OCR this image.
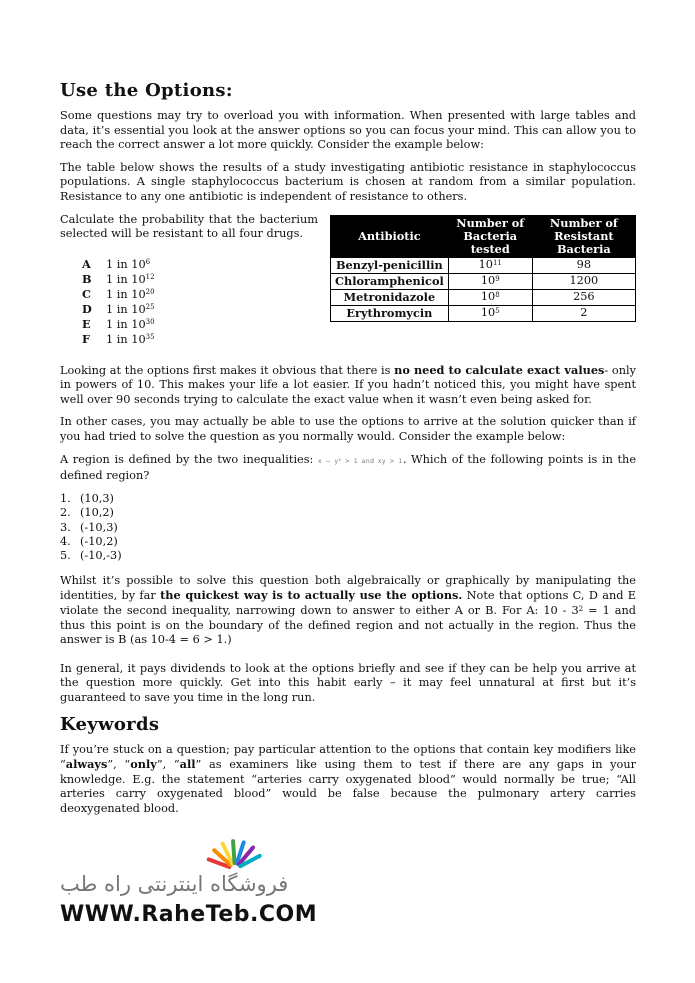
Use the Options:

Some questions may try to overload you with information. When presented with large tables and data, it’s essential you look at the answer options so you can focus your mind. This can allow you to reach the correct answer a lot more quickly. Consider the example below:

The table below shows the results of a study investigating antibiotic resistance in staphylococcus populations. A single staphylococcus bacterium is chosen at random from a similar population. Resistance to any one antibiotic is independent of resistance to others.

Calculate the probability that the bacterium selected will be resistant to all four drugs.
A	1 in $10^6$
B	1 in $10^{12}$
C	1 in $10^{20}$
D	1 in $10^{25}$
E	1 in $10^{30}$
F	1 in $10^{35}$
Antibiotic	Number of Bacteria tested	Number of Resistant Bacteria
Benzyl-penicillin	$10^{11}$	98
Chloramphenicol	$10^9$	1200
Metronidazole	$10^8$	256
Erythromycin	$10^5$	2

Looking at the options first makes it obvious that there is no need to calculate exact values- only in powers of 10. This makes your life a lot easier. If you hadn’t noticed this, you might have spent well over 90 seconds trying to calculate the exact value when it wasn’t even being asked for.

In other cases, you may actually be able to use the options to arrive at the solution quicker than if you had tried to solve the question as you normally would. Consider the example below:

A region is defined by the two inequalities: x − y² > 1 and xy > 1. Which of the following points is in the defined region?

1. (10,3)
2. (10,2)
3. (-10,3)
4. (-10,2)
5. (-10,-3)

Whilst it’s possible to solve this question both algebraically or graphically by manipulating the identities, by far the quickest way is to actually use the options. Note that options C, D and E violate the second inequality, narrowing down to answer to either A or B. For A: $10 - 3^2 = 1$ and thus this point is on the boundary of the defined region and not actually in the region. Thus the answer is B (as 10-4 = 6 > 1.)

In general, it pays dividends to look at the options briefly and see if they can be help you arrive at the question more quickly. Get into this habit early – it may feel unnatural at first but it’s guaranteed to save you time in the long run.

Keywords

If you’re stuck on a question; pay particular attention to the options that contain key modifiers like “always”, “only”, “all” as examiners like using them to test if there are any gaps in your knowledge. E.g. the statement “arteries carry oxygenated blood” would normally be true; “All arteries carry oxygenated blood” would be false because the pulmonary artery carries deoxygenated blood.

فروشگاه اینترنتی راه طب
WWW.RaheTeb.COM
